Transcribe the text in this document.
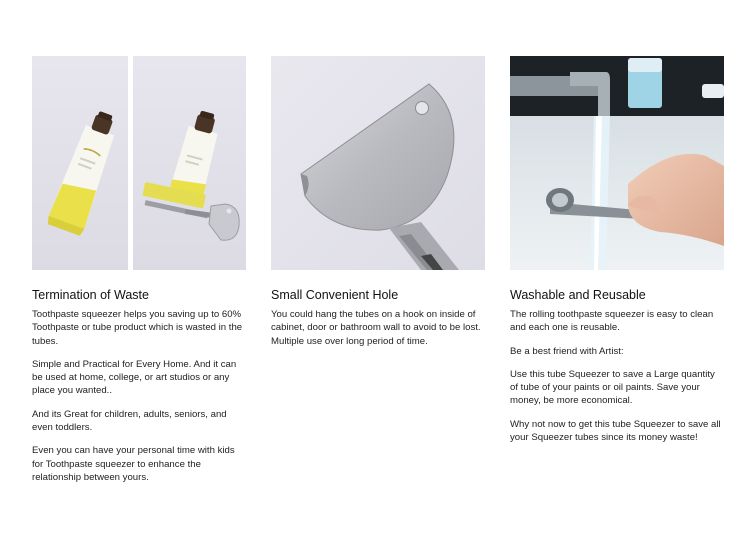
Termination of Waste
Toothpaste squeezer helps you saving up to 60% Toothpaste or tube product which is wasted in the tubes.
Simple and Practical for Every Home. And it can be used at home, college, or art studios or any place you wanted..
And its Great for children, adults, seniors, and even toddlers.
Even you can have your personal time with kids for Toothpaste squeezer to enhance the relationship between yours.
Small Convenient Hole
You could hang the tubes on a hook on inside of cabinet, door or bathroom wall to avoid to be lost. Multiple use over long period of time.
Washable and Reusable
The rolling toothpaste squeezer is easy to clean and each one is reusable.
Be a best friend with Artist:
Use this tube Squeezer to save a Large quantity of tube of your paints or oil paints. Save your money, be more economical.
Why not now to get this tube Squeezer to save all your Squeezer tubes since its money waste!
